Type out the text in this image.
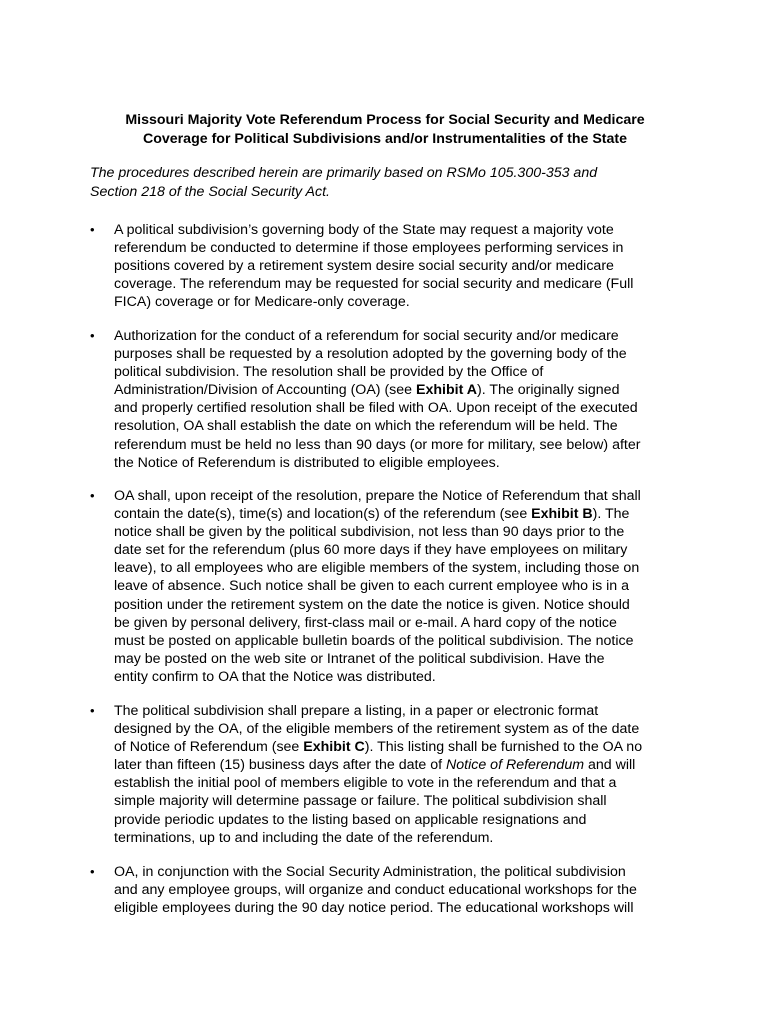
Missouri Majority Vote Referendum Process for Social Security and Medicare
Coverage for Political Subdivisions and/or Instrumentalities of the State
The procedures described herein are primarily based on RSMo 105.300-353 and
Section 218 of the Social Security Act.
• A political subdivision’s governing body of the State may request a majority vote
referendum be conducted to determine if those employees performing services in
positions covered by a retirement system desire social security and/or medicare
coverage. The referendum may be requested for social security and medicare (Full
FICA) coverage or for Medicare-only coverage.
• Authorization for the conduct of a referendum for social security and/or medicare
purposes shall be requested by a resolution adopted by the governing body of the
political subdivision. The resolution shall be provided by the Office of
Administration/Division of Accounting (OA) (see Exhibit A). The originally signed
and properly certified resolution shall be filed with OA. Upon receipt of the executed
resolution, OA shall establish the date on which the referendum will be held. The
referendum must be held no less than 90 days (or more for military, see below) after
the Notice of Referendum is distributed to eligible employees.
• OA shall, upon receipt of the resolution, prepare the Notice of Referendum that shall
contain the date(s), time(s) and location(s) of the referendum (see Exhibit B). The
notice shall be given by the political subdivision, not less than 90 days prior to the
date set for the referendum (plus 60 more days if they have employees on military
leave), to all employees who are eligible members of the system, including those on
leave of absence. Such notice shall be given to each current employee who is in a
position under the retirement system on the date the notice is given. Notice should
be given by personal delivery, first-class mail or e-mail. A hard copy of the notice
must be posted on applicable bulletin boards of the political subdivision. The notice
may be posted on the web site or Intranet of the political subdivision. Have the
entity confirm to OA that the Notice was distributed.
• The political subdivision shall prepare a listing, in a paper or electronic format
designed by the OA, of the eligible members of the retirement system as of the date
of Notice of Referendum (see Exhibit C). This listing shall be furnished to the OA no
later than fifteen (15) business days after the date of Notice of Referendum and will
establish the initial pool of members eligible to vote in the referendum and that a
simple majority will determine passage or failure. The political subdivision shall
provide periodic updates to the listing based on applicable resignations and
terminations, up to and including the date of the referendum.
• OA, in conjunction with the Social Security Administration, the political subdivision
and any employee groups, will organize and conduct educational workshops for the
eligible employees during the 90 day notice period. The educational workshops will
